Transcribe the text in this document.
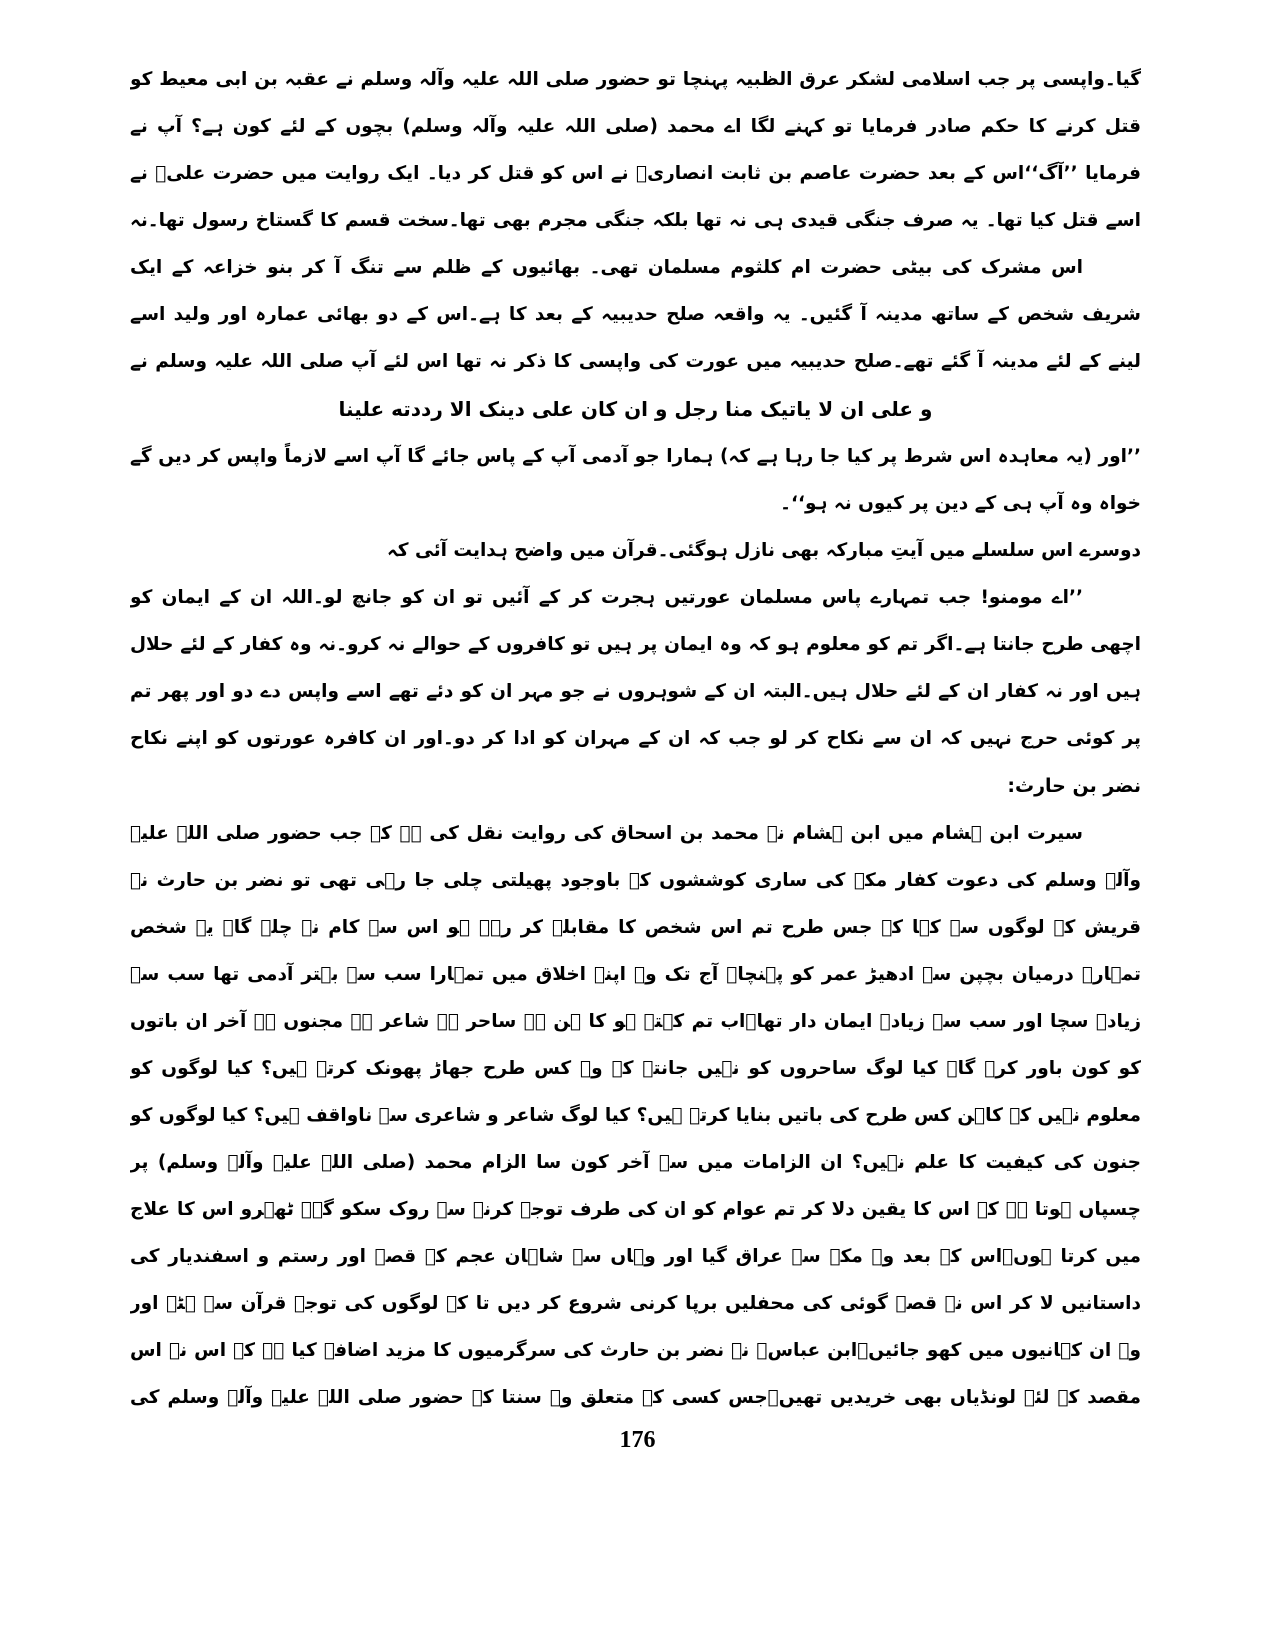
گیا۔واپسی پر جب اسلامی لشکر عرق الظبیہ پہنچا تو حضور صلی اللہ علیہ وآلہ وسلم نے عقبہ بن ابی معیط کو قتل کرنے کا حکم صادر فرمایا تو کہنے لگا اے محمد (صلی اللہ علیہ وآلہ وسلم) بچوں کے لئے کون ہے؟ آپ نے فرمایا ’’آگ‘‘اس کے بعد حضرت عاصم بن ثابت انصاریؓ نے اس کو قتل کر دیا۔ ایک روایت میں حضرت علیؓ نے اسے قتل کیا تھا۔ یہ صرف جنگی قیدی ہی نہ تھا بلکہ جنگی مجرم بھی تھا۔سخت قسم کا گستاخ رسول تھا۔نہ

اس مشرک کی بیٹی حضرت ام کلثوم مسلمان تھی۔ بھائیوں کے ظلم سے تنگ آ کر بنو خزاعہ کے ایک شریف شخص کے ساتھ مدینہ آ گئیں۔ یہ واقعہ صلح حدیبیہ کے بعد کا ہے۔اس کے دو بھائی عمارہ اور ولید اسے لینے کے لئے مدینہ آ گئے تھے۔صلح حدیبیہ میں عورت کی واپسی کا ذکر نہ تھا اس لئے آپ صلی اللہ علیہ وسلم نے

و علی ان لا یاتیک منا رجل و ان کان علی دینک الا رددته علینا

’’اور (یہ معاہدہ اس شرط پر کیا جا رہا ہے کہ) ہمارا جو آدمی آپ کے پاس جائے گا آپ اسے لازماً واپس کر دیں گے خواہ وہ آپ ہی کے دین پر کیوں نہ ہو‘‘۔

دوسرے اس سلسلے میں آیتِ مبارکہ بھی نازل ہوگئی۔قرآن میں واضح ہدایت آئی کہ

’’اے مومنو! جب تمہارے پاس مسلمان عورتیں ہجرت کر کے آئیں تو ان کو جانچ لو۔اللہ ان کے ایمان کو اچھی طرح جانتا ہے۔اگر تم کو معلوم ہو کہ وہ ایمان پر ہیں تو کافروں کے حوالے نہ کرو۔نہ وہ کفار کے لئے حلال ہیں اور نہ کفار ان کے لئے حلال ہیں۔البتہ ان کے شوہروں نے جو مہر ان کو دئے تھے اسے واپس دے دو اور پھر تم پر کوئی حرج نہیں کہ ان سے نکاح کر لو جب کہ ان کے مہران کو ادا کر دو۔اور ان کافرہ عورتوں کو اپنے نکاح

نضر بن حارث:

سیرت ابن ہشام میں ابن ہشام نے محمد بن اسحاق کی روایت نقل کی ہے کہ جب حضور صلی اللہ علیہ وآلہ وسلم کی دعوت کفار مکہ کی ساری کوششوں کے باوجود پھیلتی چلی جا رہی تھی تو نضر بن حارث نے قریش کے لوگوں سے کہا کہ جس طرح تم اس شخص کا مقابلہ کر رہے ہو اس سے کام نہ چلے گا۔ یہ شخص تمہارے درمیان بچپن سے ادھیڑ عمر کو پہنچا۔ آج تک وہ اپنے اخلاق میں تمہارا سب سے بہتر آدمی تھا سب سے زیادہ سچا اور سب سے زیادہ ایمان دار تھا۔اب تم کہتے ہو کا ہن ہے ساحر ہے شاعر ہے مجنوں ہے آخر ان باتوں کو کون باور کرے گا۔ کیا لوگ ساحروں کو نہیں جانتے کہ وہ کس طرح جھاڑ پھونک کرتے ہیں؟ کیا لوگوں کو معلوم نہیں کہ کاہن کس طرح کی باتیں بنایا کرتے ہیں؟ کیا لوگ شاعر و شاعری سے ناواقف ہیں؟ کیا لوگوں کو جنون کی کیفیت کا علم نہیں؟ ان الزامات میں سے آخر کون سا الزام محمد (صلی اللہ علیہ وآلہ وسلم) پر چسپاں ہوتا ہے کہ اس کا یقین دلا کر تم عوام کو ان کی طرف توجہ کرنے سے روک سکو گے۔ ٹھہرو اس کا علاج میں کرتا ہوں۔اس کے بعد وہ مکہ سے عراق گیا اور وہاں سے شاہان عجم کے قصے اور رستم و اسفندیار کی داستانیں لا کر اس نے قصہ گوئی کی محفلیں برپا کرنی شروع کر دیں تا کہ لوگوں کی توجہ قرآن سے ہٹے اور وہ ان کہانیوں میں کھو جائیں۔ابن عباسؓ نے نضر بن حارث کی سرگرمیوں کا مزید اضافہ کیا ہے کہ اس نے اس مقصد کے لئے لونڈیاں بھی خریدیں تھیں۔جس کسی کے متعلق وہ سنتا کہ حضور صلی اللہ علیہ وآلہ وسلم کی

176
